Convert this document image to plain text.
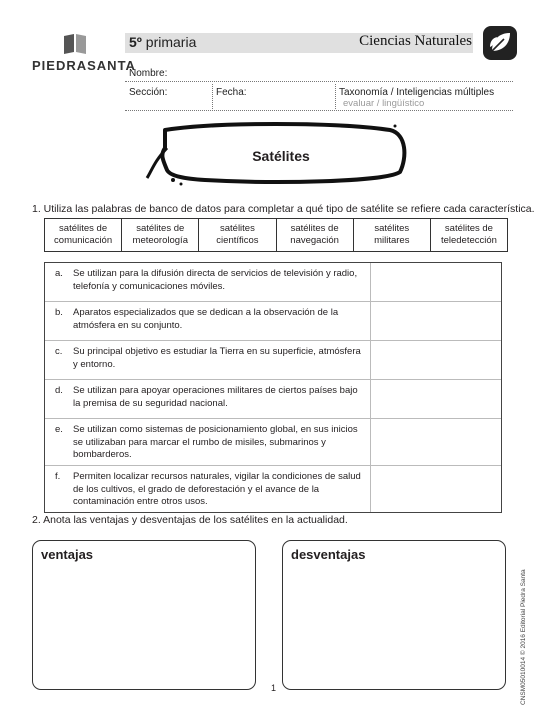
PIEDRASANTA
5º primaria	Ciencias Naturales
Nombre:
Sección:	Fecha:	Taxonomía / Inteligencias múltiples
evaluar / lingüístico
Satélites
1. Utiliza las palabras de banco de datos para completar a qué tipo de satélite se refiere cada característica.
satélites de
comunicación
satélites de
meteorología
satélites
científicos
satélites de
navegación
satélites
militares
satélites de
teledetección
a.	Se utilizan para la difusión directa de servicios de televisión y radio, telefonía y comunicaciones móviles.
b.	Aparatos especializados que se dedican a la observación de la atmósfera en su conjunto.
c.	Su principal objetivo es estudiar la Tierra en su superficie, atmósfera y entorno.
d.	Se utilizan para apoyar operaciones militares de ciertos países bajo la premisa de su seguridad nacional.
e.	Se utilizan como sistemas de posicionamiento global, en sus inicios se utilizaban para marcar el rumbo de misiles, submarinos y bombarderos.
f.	Permiten localizar recursos naturales, vigilar la condiciones de salud de los cultivos, el grado de deforestación y el avance de la contaminación entre otros usos.
2. Anota las ventajas y desventajas de los satélites en la actualidad.
ventajas	desventajas
CNSM05010014 © 2016 Editorial Piedra Santa
1
